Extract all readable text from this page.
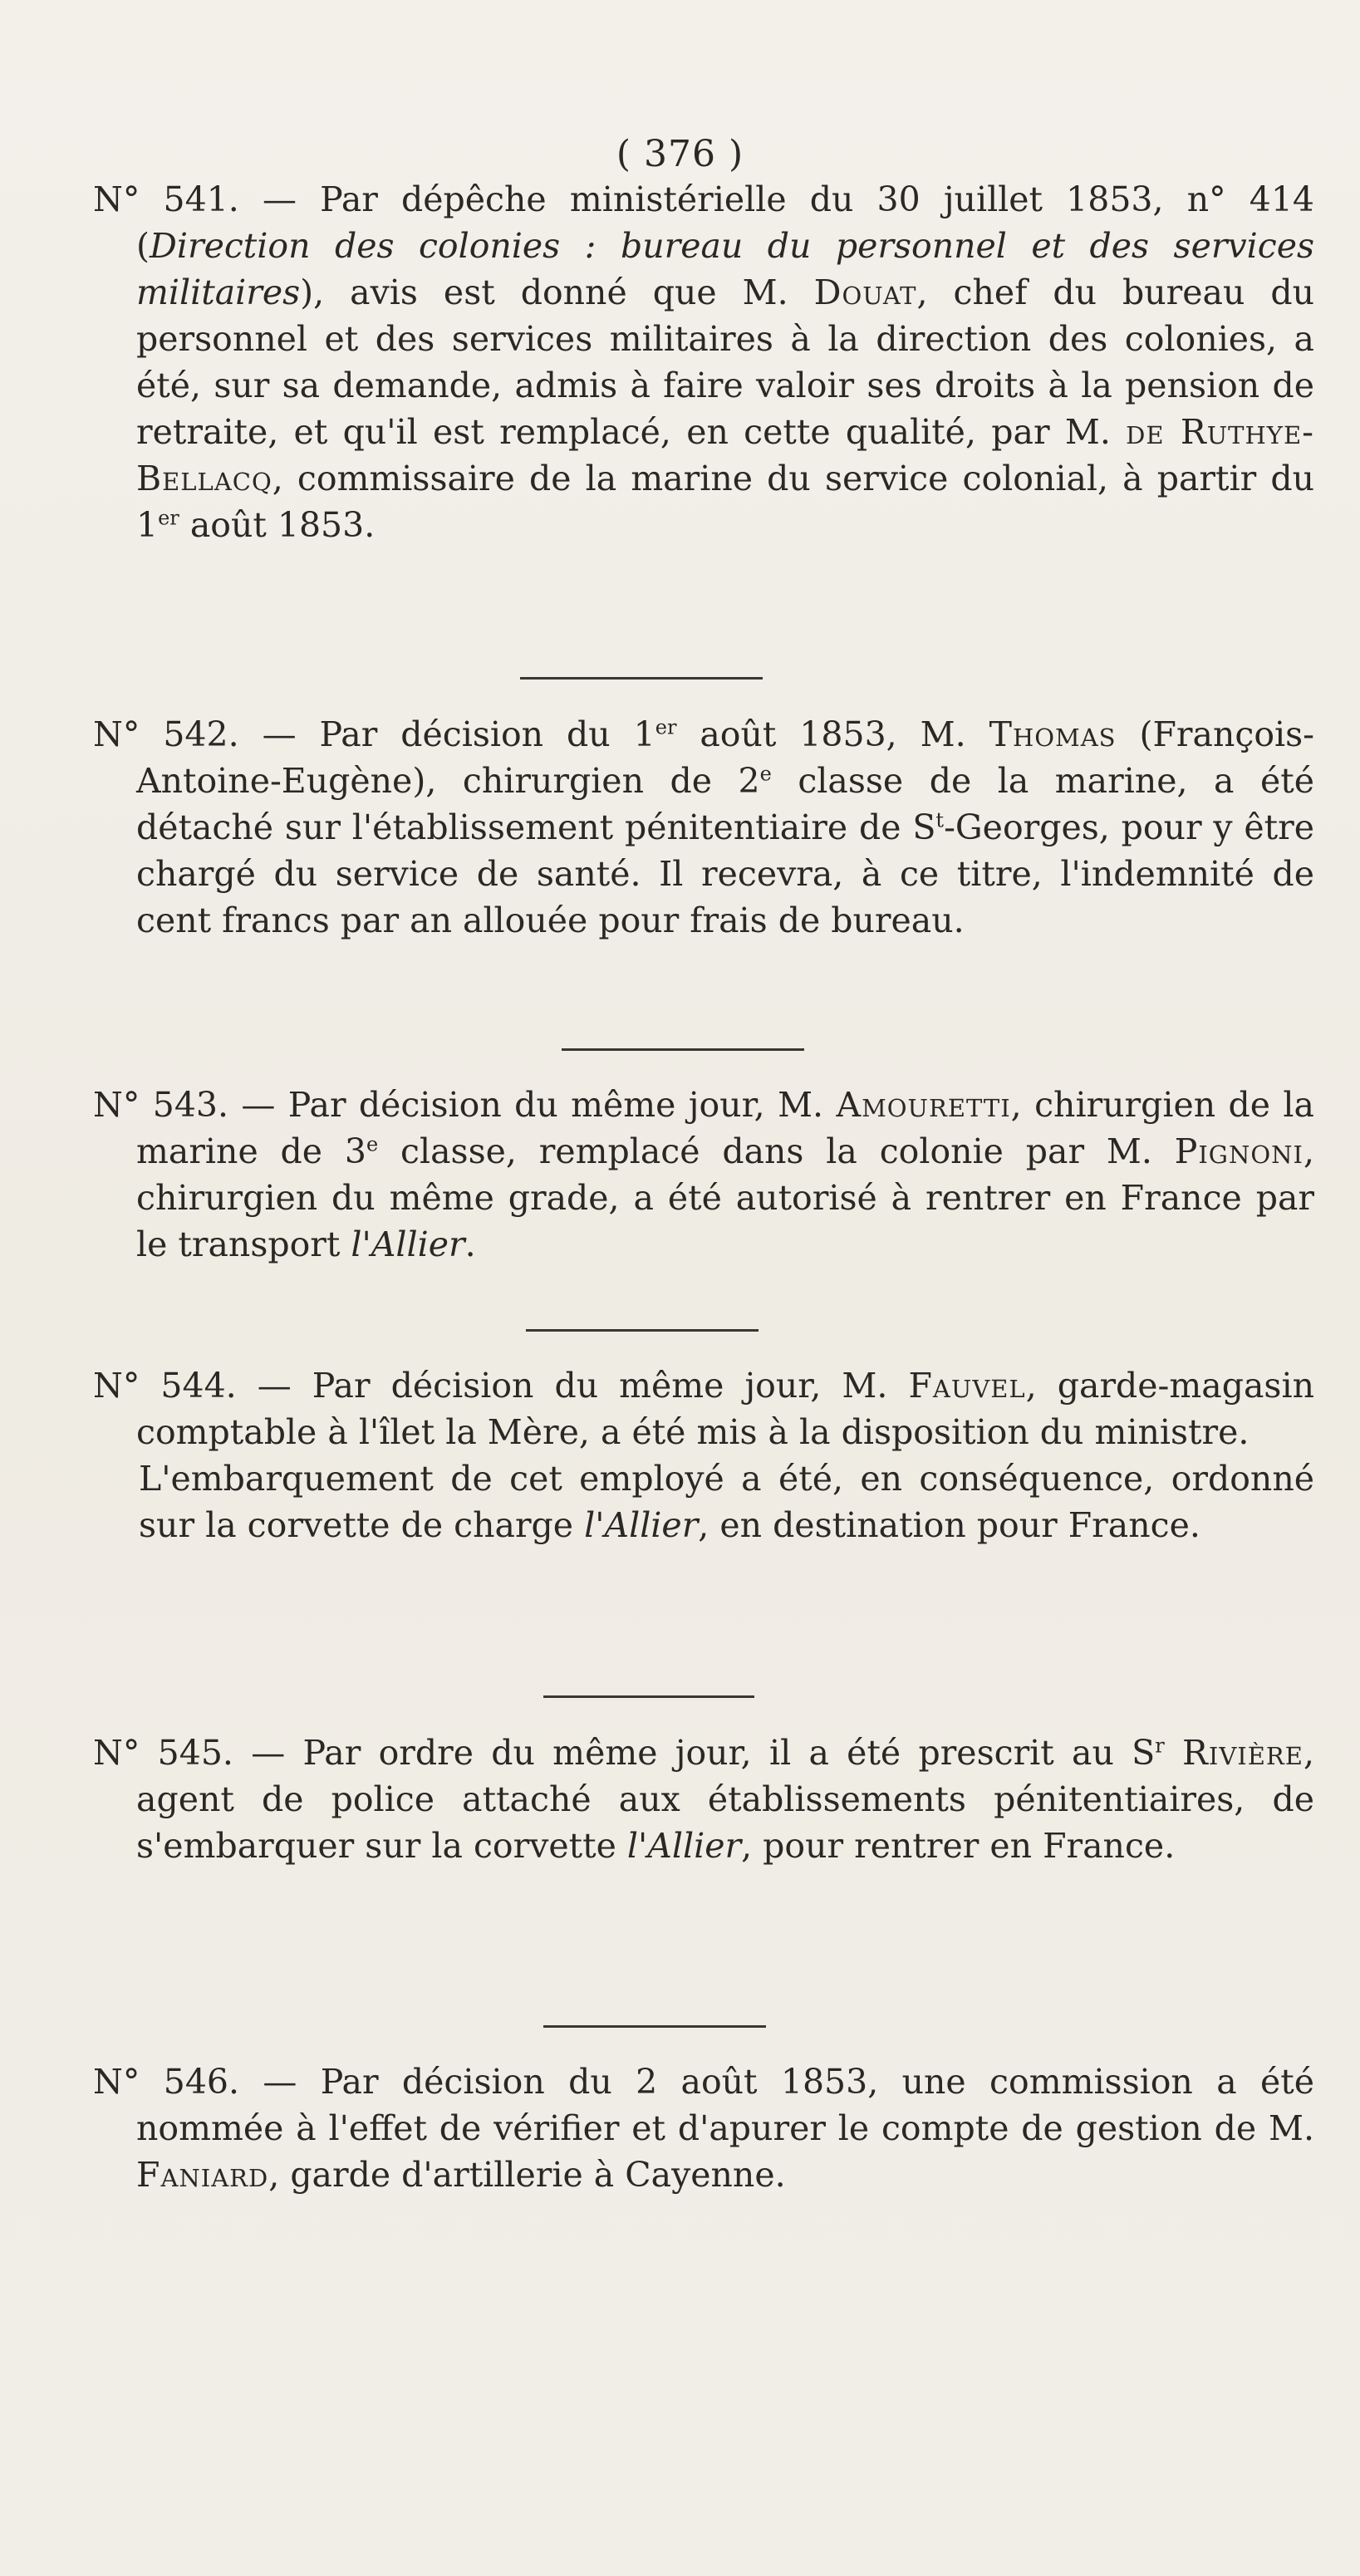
( 376 )

N° 541. — Par dépêche ministérielle du 30 juillet 1853, n° 414 (Direction des colonies : bureau du personnel et des services militaires), avis est donné que M. Douat, chef du bureau du personnel et des services militaires à la direction des colonies, a été, sur sa demande, admis à faire valoir ses droits à la pension de retraite, et qu'il est remplacé, en cette qualité, par M. de Ruthye-Bellacq, commissaire de la marine du service colonial, à partir du 1er août 1853.

N° 542. — Par décision du 1er août 1853, M. Thomas (François-Antoine-Eugène), chirurgien de 2e classe de la marine, a été détaché sur l'établissement pénitentiaire de $S^t$-Georges, pour y être chargé du service de santé. Il recevra, à ce titre, l'indemnité de cent francs par an allouée pour frais de bureau.

N° 543. — Par décision du même jour, M. Amouretti, chirurgien de la marine de 3e classe, remplacé dans la colonie par M. Pignoni, chirurgien du même grade, a été autorisé à rentrer en France par le transport l'Allier.

N° 544. — Par décision du même jour, M. Fauvel, garde-magasin comptable à l'îlet la Mère, a été mis à la disposition du ministre.

L'embarquement de cet employé a été, en conséquence, ordonné sur la corvette de charge l'Allier, en destination pour France.

N° 545. — Par ordre du même jour, il a été prescrit au $S^r$ Rivière, agent de police attaché aux établissements pénitentiaires, de s'embarquer sur la corvette l'Allier, pour rentrer en France.

N° 546. — Par décision du 2 août 1853, une commission a été nommée à l'effet de vérifier et d'apurer le compte de gestion de M. Faniard, garde d'artillerie à Cayenne.
